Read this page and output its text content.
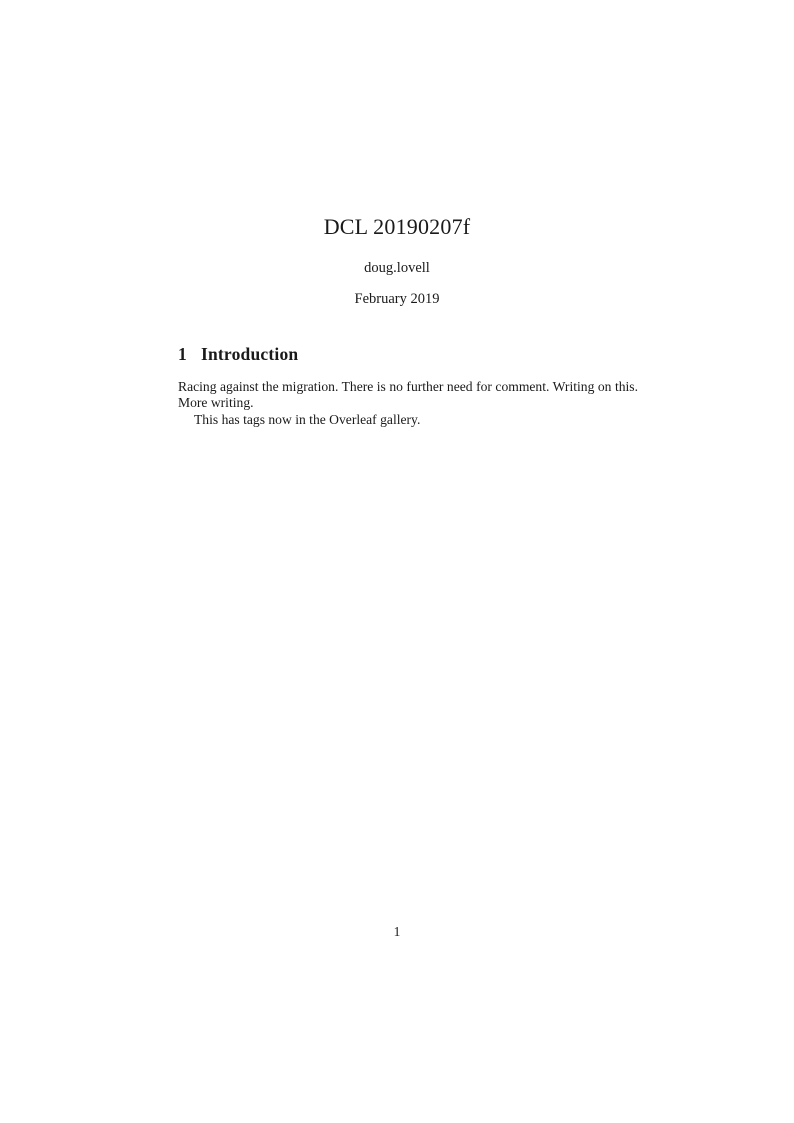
DCL 20190207f
doug.lovell
February 2019
1 Introduction

Racing against the migration. There is no further need for comment. Writing on this. More writing.

This has tags now in the Overleaf gallery.

1
